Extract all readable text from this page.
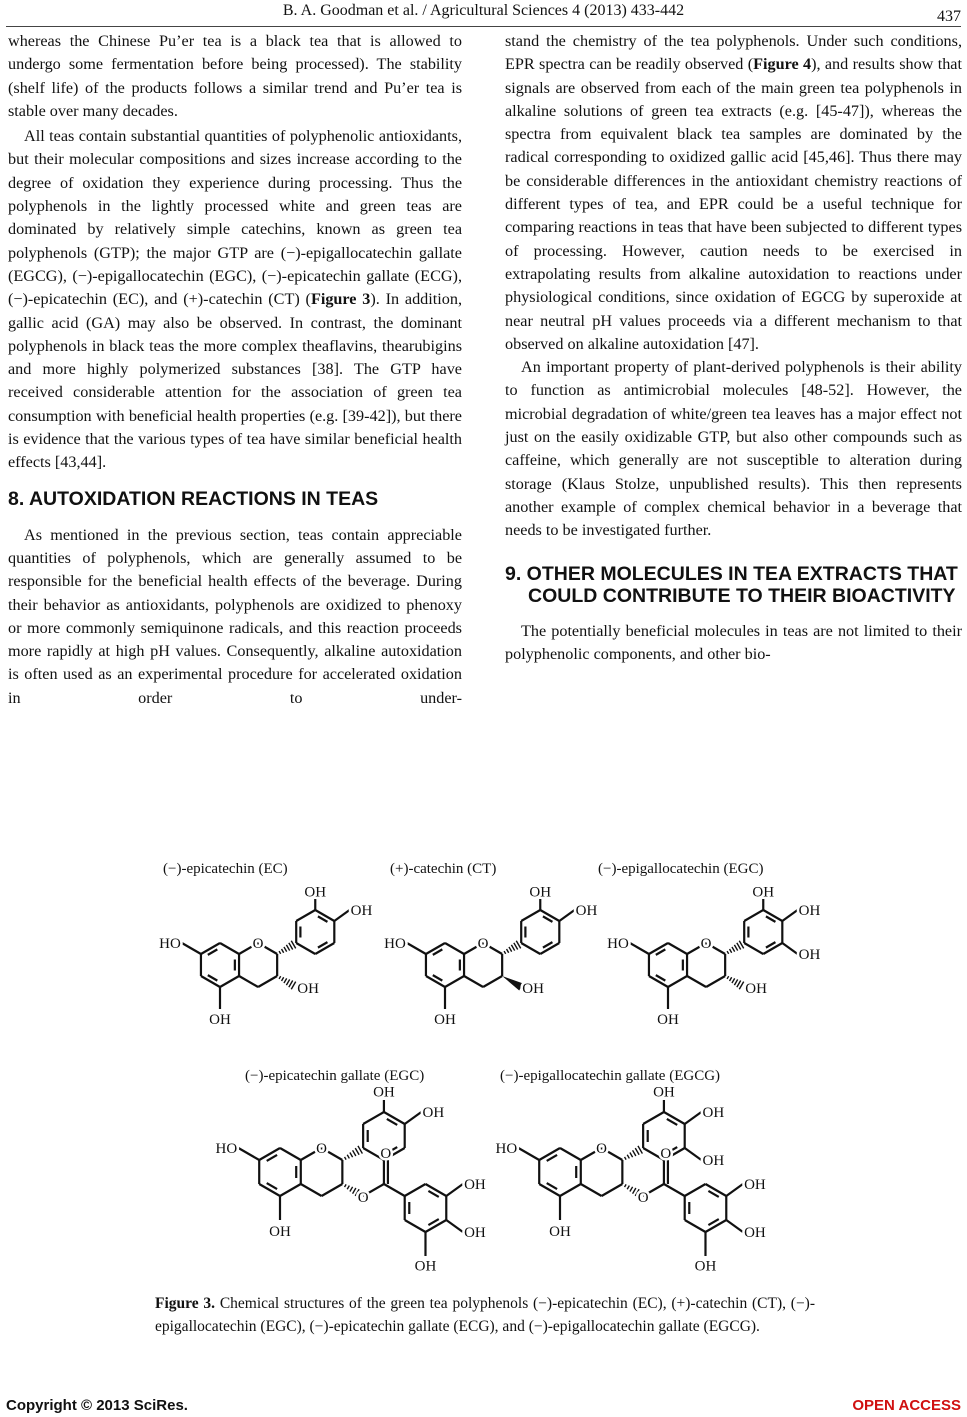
B. A. Goodman et al. / Agricultural Sciences 4 (2013) 433-442	437

whereas the Chinese Pu’er tea is a black tea that is allowed to undergo some fermentation before being processed). The stability (shelf life) of the products follows a similar trend and Pu’er tea is stable over many decades.

All teas contain substantial quantities of polyphenolic antioxidants, but their molecular compositions and sizes increase according to the degree of oxidation they experience during processing. Thus the polyphenols in the lightly processed white and green teas are dominated by relatively simple catechins, known as green tea polyphenols (GTP); the major GTP are (−)-epigallocatechin gallate (EGCG), (−)-epigallocatechin (EGC), (−)-epicatechin gallate (ECG), (−)-epicatechin (EC), and (+)-catechin (CT) (Figure 3). In addition, gallic acid (GA) may also be observed. In contrast, the dominant polyphenols in black teas the more complex theaflavins, thearubigins and more highly polymerized substances [38]. The GTP have received considerable attention for the association of green tea consumption with beneficial health properties (e.g. [39-42]), but there is evidence that the various types of tea have similar beneficial health effects [43,44].

8. AUTOXIDATION REACTIONS IN TEAS

As mentioned in the previous section, teas contain appreciable quantities of polyphenols, which are generally assumed to be responsible for the beneficial health effects of the beverage. During their behavior as antioxidants, polyphenols are oxidized to phenoxy or more commonly semiquinone radicals, and this reaction proceeds more rapidly at high pH values. Consequently, alkaline autoxidation is often used as an experimental procedure for accelerated oxidation in order to under-

stand the chemistry of the tea polyphenols. Under such conditions, EPR spectra can be readily observed (Figure 4), and results show that signals are observed from each of the main green tea polyphenols in alkaline solutions of green tea extracts (e.g. [45-47]), whereas the spectra from equivalent black tea samples are dominated by the radical corresponding to oxidized gallic acid [45,46]. Thus there may be considerable differences in the antioxidant chemistry reactions of different types of tea, and EPR could be a useful technique for comparing reactions in teas that have been subjected to different types of processing. However, caution needs to be exercised in extrapolating results from alkaline autoxidation to reactions under physiological conditions, since oxidation of EGCG by superoxide at near neutral pH values proceeds via a different mechanism to that observed on alkaline autoxidation [47].

An important property of plant-derived polyphenols is their ability to function as antimicrobial molecules [48-52]. However, the microbial degradation of white/green tea leaves has a major effect not just on the easily oxidizable GTP, but also other compounds such as caffeine, which generally are not susceptible to alteration during storage (Klaus Stolze, unpublished results). This then represents another example of complex chemical behavior in a beverage that needs to be investigated further.

9. OTHER MOLECULES IN TEA EXTRACTS THAT COULD CONTRIBUTE TO THEIR BIOACTIVITY

The potentially beneficial molecules in teas are not limited to their polyphenolic components, and other bio-

(−)-epicatechin (EC)	(+)-catechin (CT)	(−)-epigallocatechin (EGC)
(−)-epicatechin gallate (EGC)	(−)-epigallocatechin gallate (EGCG)
HO
OH
OH
OH
O
OH
HO
OH
OH
OH
O
OH
HO
OH
OH
OH
OH
O
OH
HO
OH
OH
OH
O	O
OH
OH
OH
O
HO
OH
OH
OH
OH
O	O
OH
OH
OH
O
Figure 3. Chemical structures of the green tea polyphenols (−)-epicatechin (EC), (+)-catechin (CT), (−)-epigallocatechin (EGC), (−)-epicatechin gallate (ECG), and (−)-epigallocatechin gallate (EGCG).
Copyright © 2013 SciRes.	OPEN ACCESS
